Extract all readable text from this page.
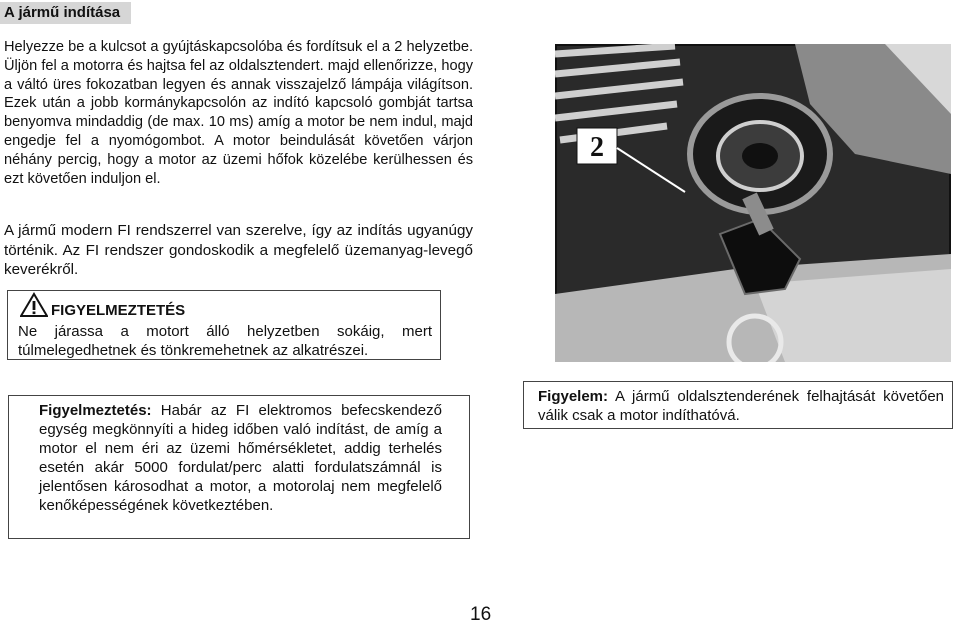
A jármű indítása
Helyezze be a kulcsot a gyújtáskapcsolóba és fordítsuk el a 2 helyzetbe. Üljön fel a motorra és hajtsa fel az oldalsztendert. majd ellenőrizze, hogy a váltó üres fokozatban legyen és annak visszajelző lámpája világítson. Ezek után a jobb kormánykapcsolón az indító kapcsoló gombját tartsa benyomva mindaddig (de max. 10 ms) amíg a motor be nem indul, majd engedje fel a nyomógombot. A motor beindulását követően várjon néhány percig, hogy a motor az üzemi hőfok közelébe kerülhessen és ezt követően induljon el.
A jármű modern FI rendszerrel van szerelve, így az indítás ugyanúgy történik. Az FI rendszer gondoskodik a megfelelő üzemanyag-levegő keverékről.
FIGYELMEZTETÉS
Ne járassa a motort álló helyzetben sokáig, mert túlmelegedhetnek és tönkremehetnek az alkatrészei.
Figyelmeztetés: Habár az FI elektromos befecskendező egység megkönnyíti a hideg időben való indítást, de amíg a motor el nem éri az üzemi hőmérsékletet, addig terhelés esetén akár 5000 fordulat/perc alatti fordulatszámnál is jelentősen károsodhat a motor, a motorolaj nem megfelelő kenőképességének következtében.
Figyelem: A jármű oldalsztenderének felhajtását követően válik csak a motor indíthatóvá.
2
16
